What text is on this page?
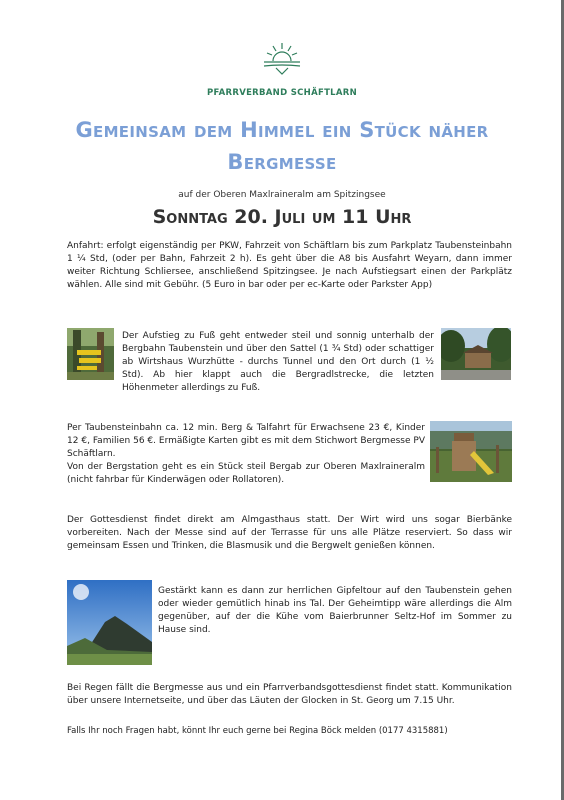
PFARRVERBAND SCHÄFTLARN
Gemeinsam dem Himmel ein Stück näher
Bergmesse
auf der Oberen Maxlraineralm am Spitzingsee
Sonntag 20. Juli um 11 Uhr

Anfahrt: erfolgt eigenständig per PKW, Fahrzeit von Schäftlarn bis zum Parkplatz Taubensteinbahn 1 ¼ Std, (oder per Bahn, Fahrzeit 2 h). Es geht über die A8 bis Ausfahrt Weyarn, dann immer weiter Richtung Schliersee, anschließend Spitzingsee. Je nach Aufstiegsart einen der Parkplätz wählen. Alle sind mit Gebühr. (5 Euro in bar oder per ec-Karte oder Parkster App)

Der Aufstieg zu Fuß geht entweder steil und sonnig unterhalb der Bergbahn Taubenstein und über den Sattel (1 ¾ Std) oder schattiger ab Wirtshaus Wurzhütte - durchs Tunnel und den Ort durch (1 ½ Std). Ab hier klappt auch die Bergradlstrecke, die letzten Höhenmeter allerdings zu Fuß.

Per Taubensteinbahn ca. 12 min. Berg & Talfahrt für Erwachsene 23 €, Kinder 12 €, Familien 56 €. Ermäßigte Karten gibt es mit dem Stichwort Bergmesse PV Schäftlarn.

Von der Bergstation geht es ein Stück steil Bergab zur Oberen Maxlraineralm (nicht fahrbar für Kinderwägen oder Rollatoren).

Der Gottesdienst findet direkt am Almgasthaus statt. Der Wirt wird uns sogar Bierbänke vorbereiten. Nach der Messe sind auf der Terrasse für uns alle Plätze reserviert. So dass wir gemeinsam Essen und Trinken, die Blasmusik und die Bergwelt genießen können.

Gestärkt kann es dann zur herrlichen Gipfeltour auf den Taubenstein gehen oder wieder gemütlich hinab ins Tal. Der Geheimtipp wäre allerdings die Alm gegenüber, auf der die Kühe vom Baierbrunner Seltz-Hof im Sommer zu Hause sind.

Bei Regen fällt die Bergmesse aus und ein Pfarrverbandsgottesdienst findet statt. Kommunikation über unsere Internetseite, und über das Läuten der Glocken in St. Georg um 7.15 Uhr.

Falls Ihr noch Fragen habt, könnt Ihr euch gerne bei Regina Böck melden (0177 4315881)
